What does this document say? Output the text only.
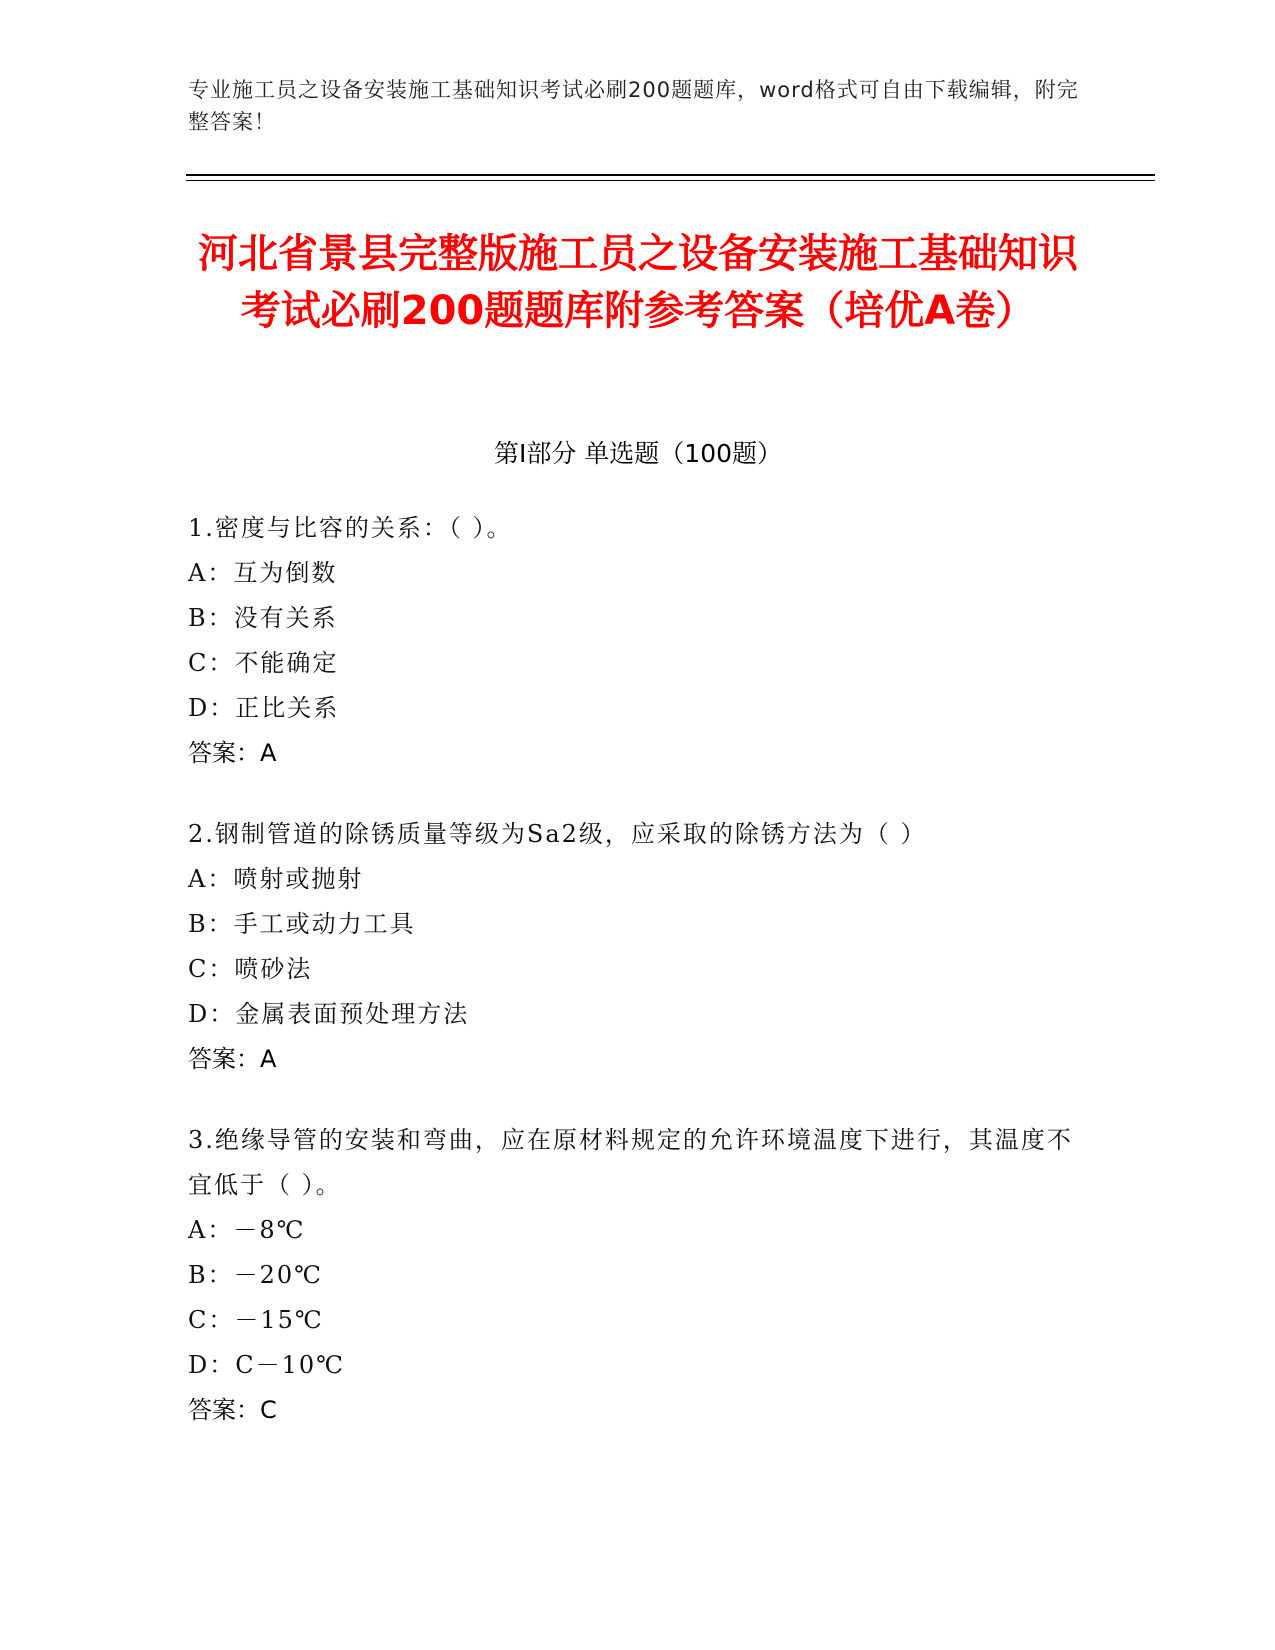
专业施工员之设备安装施工基础知识考试必刷200题题库，word格式可自由下载编辑，附完整答案！
河北省景县完整版施工员之设备安装施工基础知识考试必刷200题题库附参考答案（培优A卷）
第I部分 单选题（100题）
1.密度与比容的关系：（ ）。
A：互为倒数
B：没有关系
C：不能确定
D：正比关系
答案：A
2.钢制管道的除锈质量等级为Sa2级，应采取的除锈方法为（ ）
A：喷射或抛射
B：手工或动力工具
C：喷砂法
D：金属表面预处理方法
答案：A
3.绝缘导管的安装和弯曲，应在原材料规定的允许环境温度下进行，其温度不宜低于（ ）。
A：－8℃
B：－20℃
C：－15℃
D：C－10℃
答案：C
